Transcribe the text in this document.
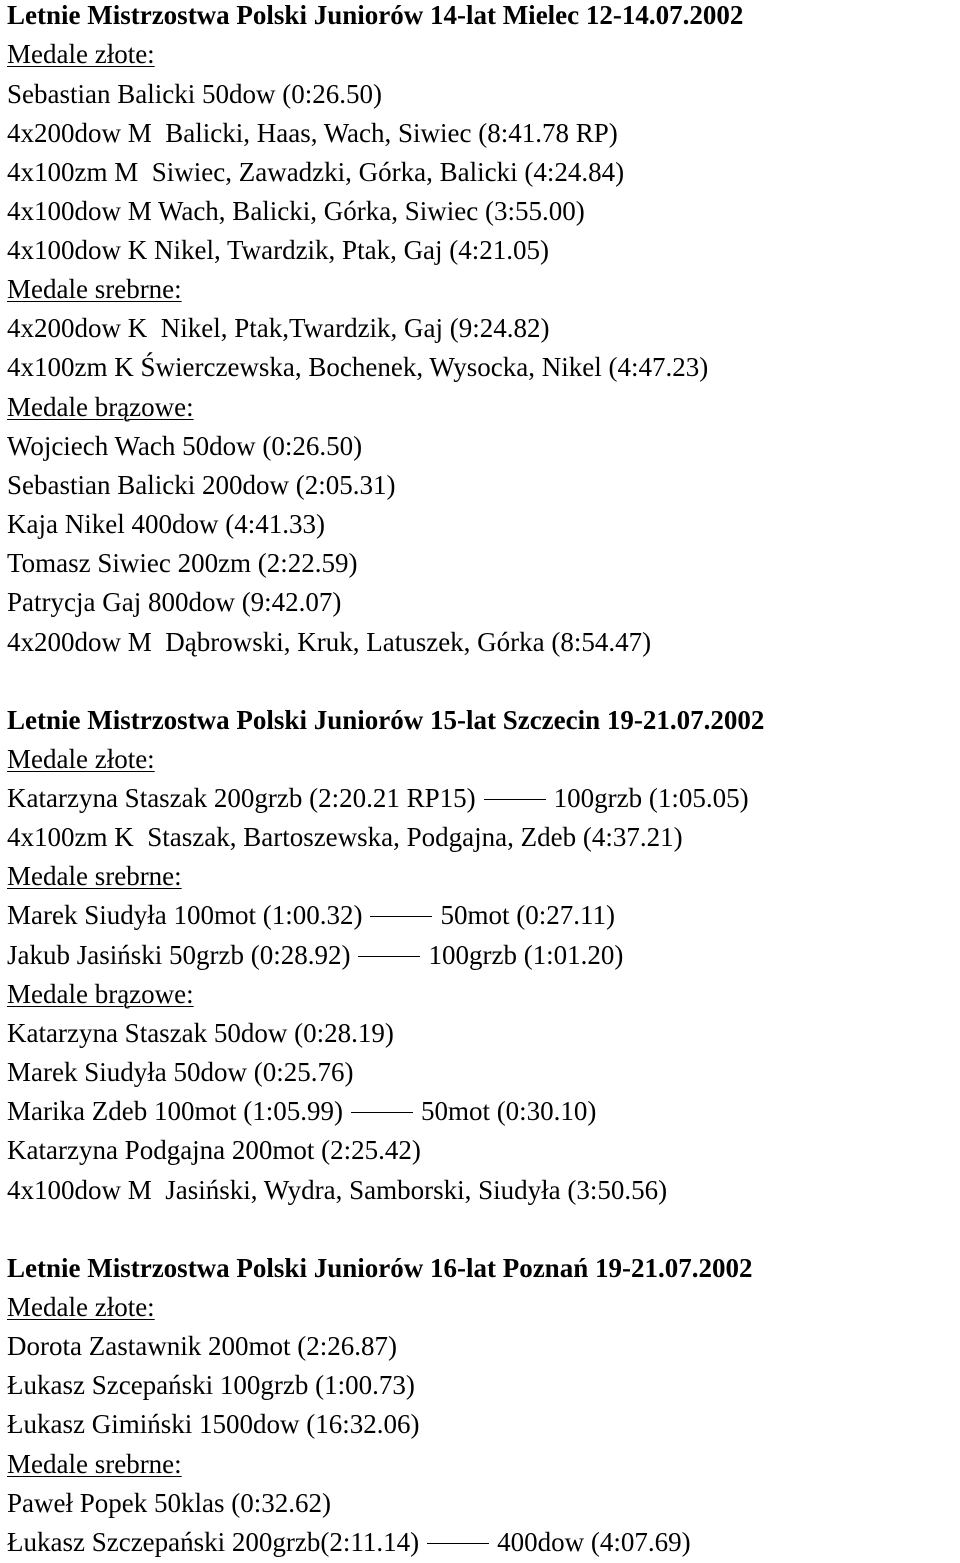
Letnie Mistrzostwa Polski Juniorów 14-lat Mielec 12-14.07.2002
Medale złote:
Sebastian Balicki 50dow (0:26.50)
4x200dow M  Balicki, Haas, Wach, Siwiec (8:41.78 RP)
4x100zm M  Siwiec, Zawadzki, Górka, Balicki (4:24.84)
4x100dow M Wach, Balicki, Górka, Siwiec (3:55.00)
4x100dow K Nikel, Twardzik, Ptak, Gaj (4:21.05)
Medale srebrne:
4x200dow K  Nikel, Ptak,Twardzik, Gaj (9:24.82)
4x100zm K Świerczewska, Bochenek, Wysocka, Nikel (4:47.23)
Medale brązowe:
Wojciech Wach 50dow (0:26.50)
Sebastian Balicki 200dow (2:05.31)
Kaja Nikel 400dow (4:41.33)
Tomasz Siwiec 200zm (2:22.59)
Patrycja Gaj 800dow (9:42.07)
4x200dow M  Dąbrowski, Kruk, Latuszek, Górka (8:54.47)
Letnie Mistrzostwa Polski Juniorów 15-lat Szczecin 19-21.07.2002
Medale złote:
Katarzyna Staszak 200grzb (2:20.21 RP15)	100grzb (1:05.05)
4x100zm K  Staszak, Bartoszewska, Podgajna, Zdeb (4:37.21)
Medale srebrne:
Marek Siudyła 100mot (1:00.32)	50mot (0:27.11)
Jakub Jasiński 50grzb (0:28.92)	100grzb (1:01.20)
Medale brązowe:
Katarzyna Staszak 50dow (0:28.19)
Marek Siudyła 50dow (0:25.76)
Marika Zdeb 100mot (1:05.99)	50mot (0:30.10)
Katarzyna Podgajna 200mot (2:25.42)
4x100dow M  Jasiński, Wydra, Samborski, Siudyła (3:50.56)
Letnie Mistrzostwa Polski Juniorów 16-lat Poznań 19-21.07.2002
Medale złote:
Dorota Zastawnik 200mot (2:26.87)
Łukasz Szcepański 100grzb (1:00.73)
Łukasz Gimiński 1500dow (16:32.06)
Medale srebrne:
Paweł Popek 50klas (0:32.62)
Łukasz Szczepański 200grzb(2:11.14)	400dow (4:07.69)
